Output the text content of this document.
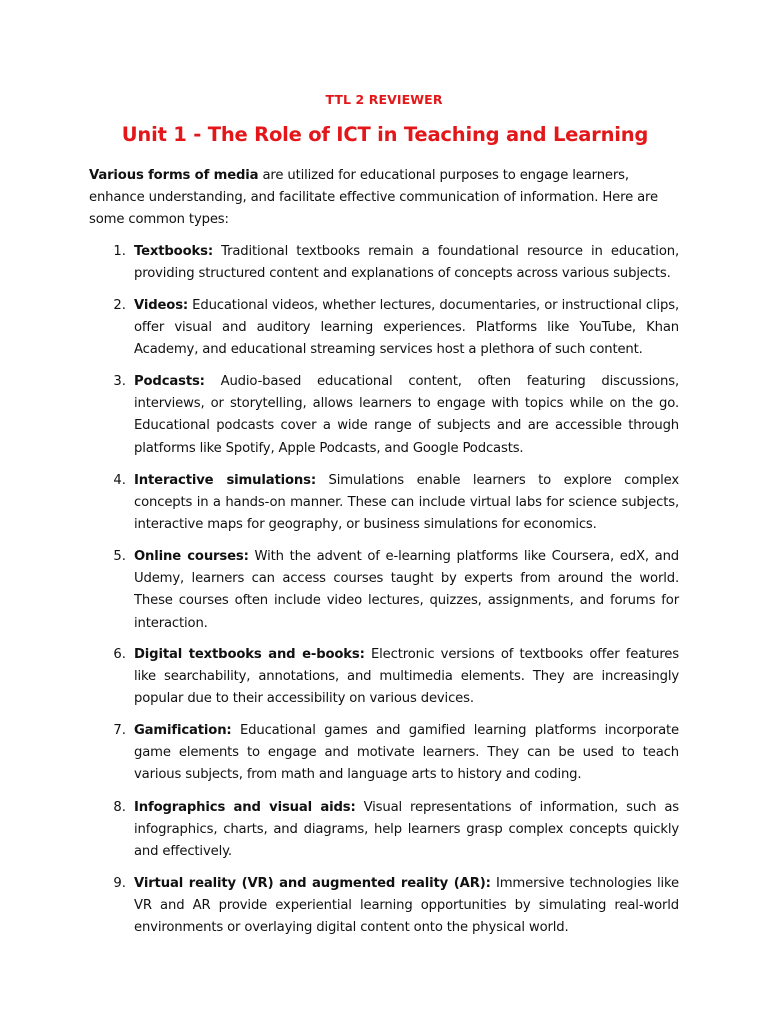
TTL 2 REVIEWER
Unit 1 - The Role of ICT in Teaching and Learning
Various forms of media are utilized for educational purposes to engage learners, enhance understanding, and facilitate effective communication of information. Here are some common types:
1. Textbooks: Traditional textbooks remain a foundational resource in education, providing structured content and explanations of concepts across various subjects.
2. Videos: Educational videos, whether lectures, documentaries, or instructional clips, offer visual and auditory learning experiences. Platforms like YouTube, Khan Academy, and educational streaming services host a plethora of such content.
3. Podcasts: Audio-based educational content, often featuring discussions, interviews, or storytelling, allows learners to engage with topics while on the go. Educational podcasts cover a wide range of subjects and are accessible through platforms like Spotify, Apple Podcasts, and Google Podcasts.
4. Interactive simulations: Simulations enable learners to explore complex concepts in a hands-on manner. These can include virtual labs for science subjects, interactive maps for geography, or business simulations for economics.
5. Online courses: With the advent of e-learning platforms like Coursera, edX, and Udemy, learners can access courses taught by experts from around the world. These courses often include video lectures, quizzes, assignments, and forums for interaction.
6. Digital textbooks and e-books: Electronic versions of textbooks offer features like searchability, annotations, and multimedia elements. They are increasingly popular due to their accessibility on various devices.
7. Gamification: Educational games and gamified learning platforms incorporate game elements to engage and motivate learners. They can be used to teach various subjects, from math and language arts to history and coding.
8. Infographics and visual aids: Visual representations of information, such as infographics, charts, and diagrams, help learners grasp complex concepts quickly and effectively.
9. Virtual reality (VR) and augmented reality (AR): Immersive technologies like VR and AR provide experiential learning opportunities by simulating real-world environments or overlaying digital content onto the physical world.
